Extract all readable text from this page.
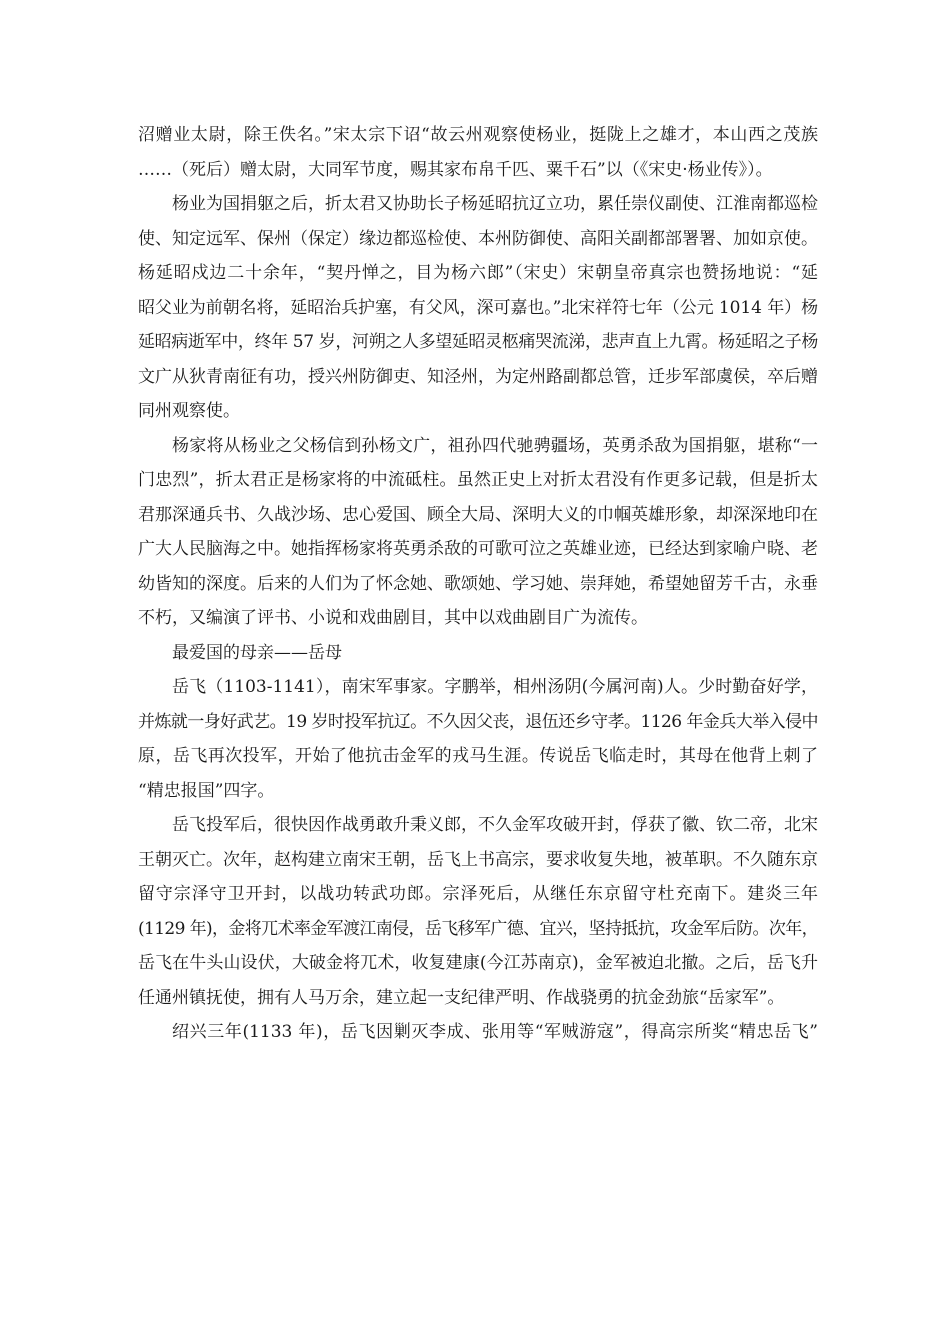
沼赠业太尉，除王佚名。”宋太宗下诏“故云州观察使杨业，挺陇上之雄才，本山西之茂族
……（死后）赠太尉，大同军节度，赐其家布帛千匹、粟千石”以（《宋史·杨业传》）。
杨业为国捐躯之后，折太君又协助长子杨延昭抗辽立功，累任崇仪副使、江淮南都巡检
使、知定远军、保州（保定）缘边都巡检使、本州防御使、高阳关副都部署署、加如京使。
杨延昭戍边二十余年，“契丹惮之，目为杨六郎”（宋史）宋朝皇帝真宗也赞扬地说：“延
昭父业为前朝名将，延昭治兵护塞，有父风，深可嘉也。”北宋祥符七年（公元 1014 年）杨
延昭病逝军中，终年 57 岁，河朔之人多望延昭灵柩痛哭流涕，悲声直上九霄。杨延昭之子杨
文广从狄青南征有功，授兴州防御吏、知泾州，为定州路副都总管，迁步军部虞侯，卒后赠
同州观察使。
杨家将从杨业之父杨信到孙杨文广，祖孙四代驰骋疆场，英勇杀敌为国捐躯，堪称“一
门忠烈”，折太君正是杨家将的中流砥柱。虽然正史上对折太君没有作更多记载，但是折太
君那深通兵书、久战沙场、忠心爱国、顾全大局、深明大义的巾帼英雄形象，却深深地印在
广大人民脑海之中。她指挥杨家将英勇杀敌的可歌可泣之英雄业迹，已经达到家喻户晓、老
幼皆知的深度。后来的人们为了怀念她、歌颂她、学习她、崇拜她，希望她留芳千古，永垂
不朽，又编演了评书、小说和戏曲剧目，其中以戏曲剧目广为流传。
最爱国的母亲——岳母
岳飞（1103-1141），南宋军事家。字鹏举，相州汤阴(今属河南)人。少时勤奋好学，
并炼就一身好武艺。19 岁时投军抗辽。不久因父丧，退伍还乡守孝。1126 年金兵大举入侵中
原，岳飞再次投军，开始了他抗击金军的戎马生涯。传说岳飞临走时，其母在他背上刺了
“精忠报国”四字。
岳飞投军后，很快因作战勇敢升秉义郎，不久金军攻破开封，俘获了徽、钦二帝，北宋
王朝灭亡。次年，赵构建立南宋王朝，岳飞上书高宗，要求收复失地，被革职。不久随东京
留守宗泽守卫开封，以战功转武功郎。宗泽死后，从继任东京留守杜充南下。建炎三年
(1129 年)，金将兀术率金军渡江南侵，岳飞移军广德、宜兴，坚持抵抗，攻金军后防。次年，
岳飞在牛头山设伏，大破金将兀术，收复建康(今江苏南京)，金军被迫北撤。之后，岳飞升
任通州镇抚使，拥有人马万余，建立起一支纪律严明、作战骁勇的抗金劲旅“岳家军”。
绍兴三年(1133 年)，岳飞因剿灭李成、张用等“军贼游寇”，得高宗所奖“精忠岳飞”
